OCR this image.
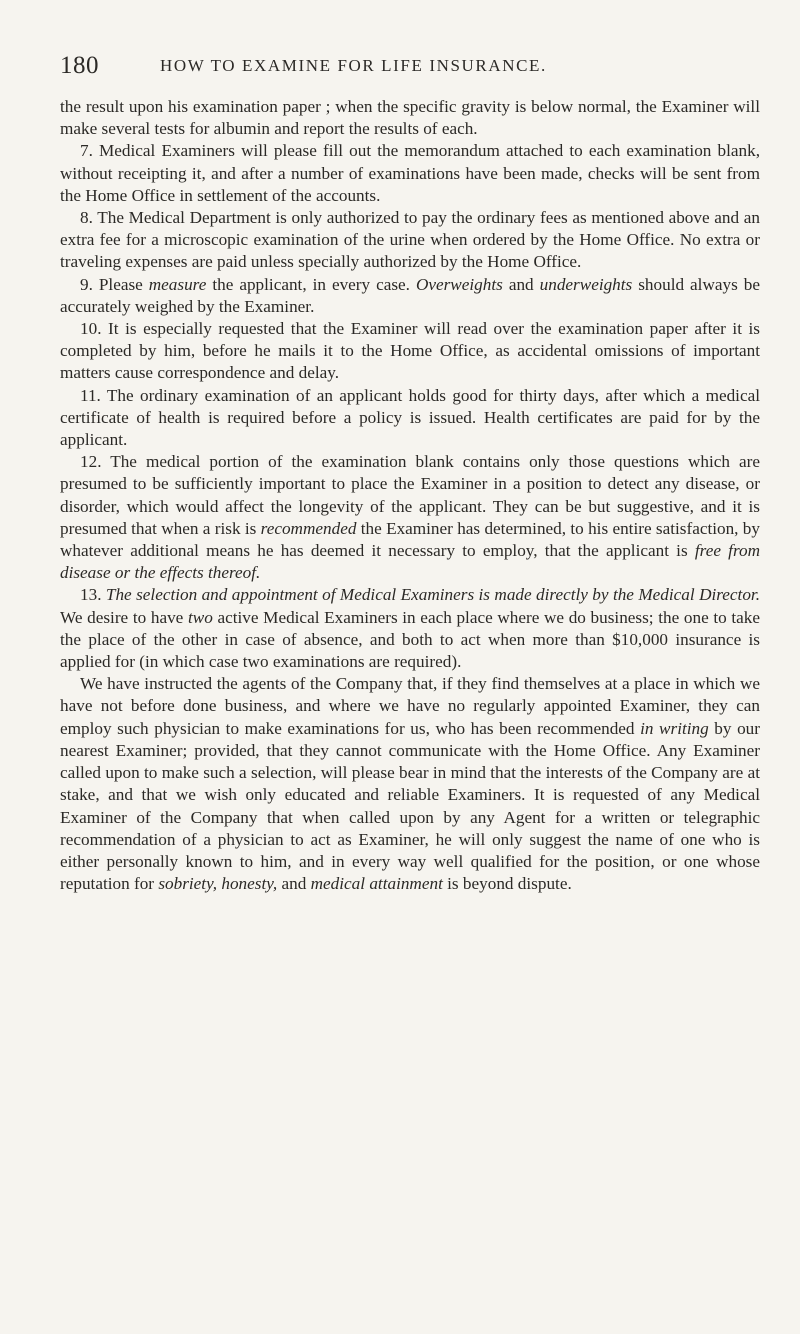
180	HOW TO EXAMINE FOR LIFE INSURANCE.

the result upon his examination paper ; when the specific gravity is below normal, the Examiner will make several tests for albumin and report the results of each.

7. Medical Examiners will please fill out the memorandum attached to each examination blank, without receipting it, and after a number of examinations have been made, checks will be sent from the Home Office in settlement of the accounts.

8. The Medical Department is only authorized to pay the ordinary fees as mentioned above and an extra fee for a microscopic examination of the urine when ordered by the Home Office. No extra or traveling expenses are paid unless specially authorized by the Home Office.

9. Please measure the applicant, in every case. Overweights and underweights should always be accurately weighed by the Examiner.

10. It is especially requested that the Examiner will read over the examination paper after it is completed by him, before he mails it to the Home Office, as accidental omissions of important matters cause correspondence and delay.

11. The ordinary examination of an applicant holds good for thirty days, after which a medical certificate of health is required before a policy is issued. Health certificates are paid for by the applicant.

12. The medical portion of the examination blank contains only those questions which are presumed to be sufficiently important to place the Examiner in a position to detect any disease, or disorder, which would affect the longevity of the applicant. They can be but suggestive, and it is presumed that when a risk is recommended the Examiner has determined, to his entire satisfaction, by whatever additional means he has deemed it necessary to employ, that the applicant is free from disease or the effects thereof.

13. The selection and appointment of Medical Examiners is made directly by the Medical Director. We desire to have two active Medical Examiners in each place where we do business; the one to take the place of the other in case of absence, and both to act when more than $10,000 insurance is applied for (in which case two examinations are required).

We have instructed the agents of the Company that, if they find themselves at a place in which we have not before done business, and where we have no regularly appointed Examiner, they can employ such physician to make examinations for us, who has been recommended in writing by our nearest Examiner; provided, that they cannot communicate with the Home Office. Any Examiner called upon to make such a selection, will please bear in mind that the interests of the Company are at stake, and that we wish only educated and reliable Examiners. It is requested of any Medical Examiner of the Company that when called upon by any Agent for a written or telegraphic recommendation of a physician to act as Examiner, he will only suggest the name of one who is either personally known to him, and in every way well qualified for the position, or one whose reputation for sobriety, honesty, and medical attainment is beyond dispute.
